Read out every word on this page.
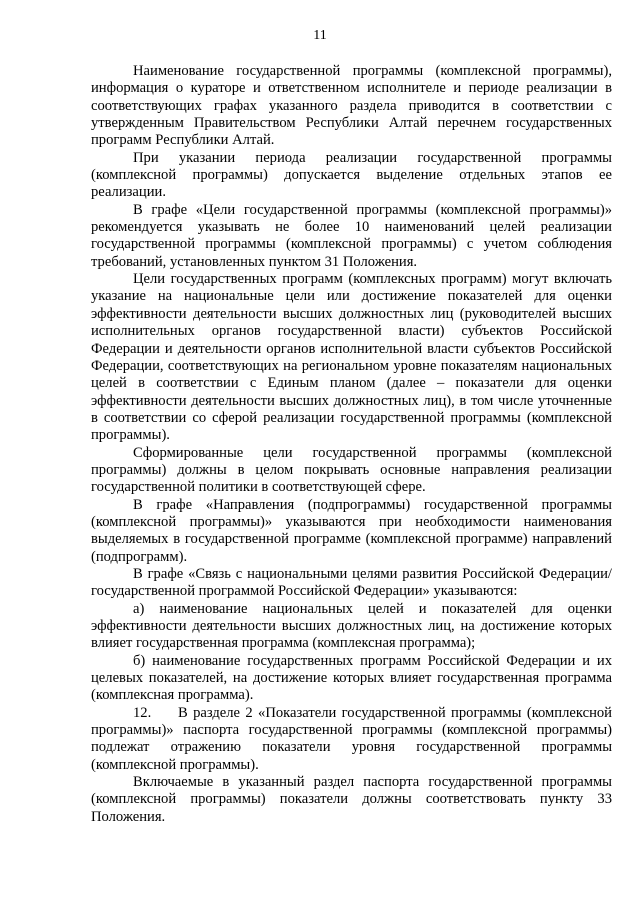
11

Наименование государственной программы (комплексной программы), информация о кураторе и ответственном исполнителе и периоде реализации в соответствующих графах указанного раздела приводится в соответствии с утвержденным Правительством Республики Алтай перечнем государственных программ Республики Алтай.

При указании периода реализации государственной программы (комплексной программы) допускается выделение отдельных этапов ее реализации.

В графе «Цели государственной программы (комплексной программы)» рекомендуется указывать не более 10 наименований целей реализации государственной программы (комплексной программы) с учетом соблюдения требований, установленных пунктом 31 Положения.

Цели государственных программ (комплексных программ) могут включать указание на национальные цели или достижение показателей для оценки эффективности деятельности высших должностных лиц (руководителей высших исполнительных органов государственной власти) субъектов Российской Федерации и деятельности органов исполнительной власти субъектов Российской Федерации, соответствующих на региональном уровне показателям национальных целей в соответствии с Единым планом (далее – показатели для оценки эффективности деятельности высших должностных лиц), в том числе уточненные в соответствии со сферой реализации государственной программы (комплексной программы).

Сформированные цели государственной программы (комплексной программы) должны в целом покрывать основные направления реализации государственной политики в соответствующей сфере.

В графе «Направления (подпрограммы) государственной программы (комплексной программы)» указываются при необходимости наименования выделяемых в государственной программе (комплексной программе) направлений (подпрограмм).

В графе «Связь с национальными целями развития Российской Федерации/ государственной программой Российской Федерации» указываются:

а) наименование национальных целей и показателей для оценки эффективности деятельности высших должностных лиц, на достижение которых влияет государственная программа (комплексная программа);

б) наименование государственных программ Российской Федерации и их целевых показателей, на достижение которых влияет государственная программа (комплексная программа).

12.     В разделе 2 «Показатели государственной программы (комплексной программы)» паспорта государственной программы (комплексной программы) подлежат отражению показатели уровня государственной программы (комплексной программы).

Включаемые в указанный раздел паспорта государственной программы (комплексной программы) показатели должны соответствовать пункту 33 Положения.
